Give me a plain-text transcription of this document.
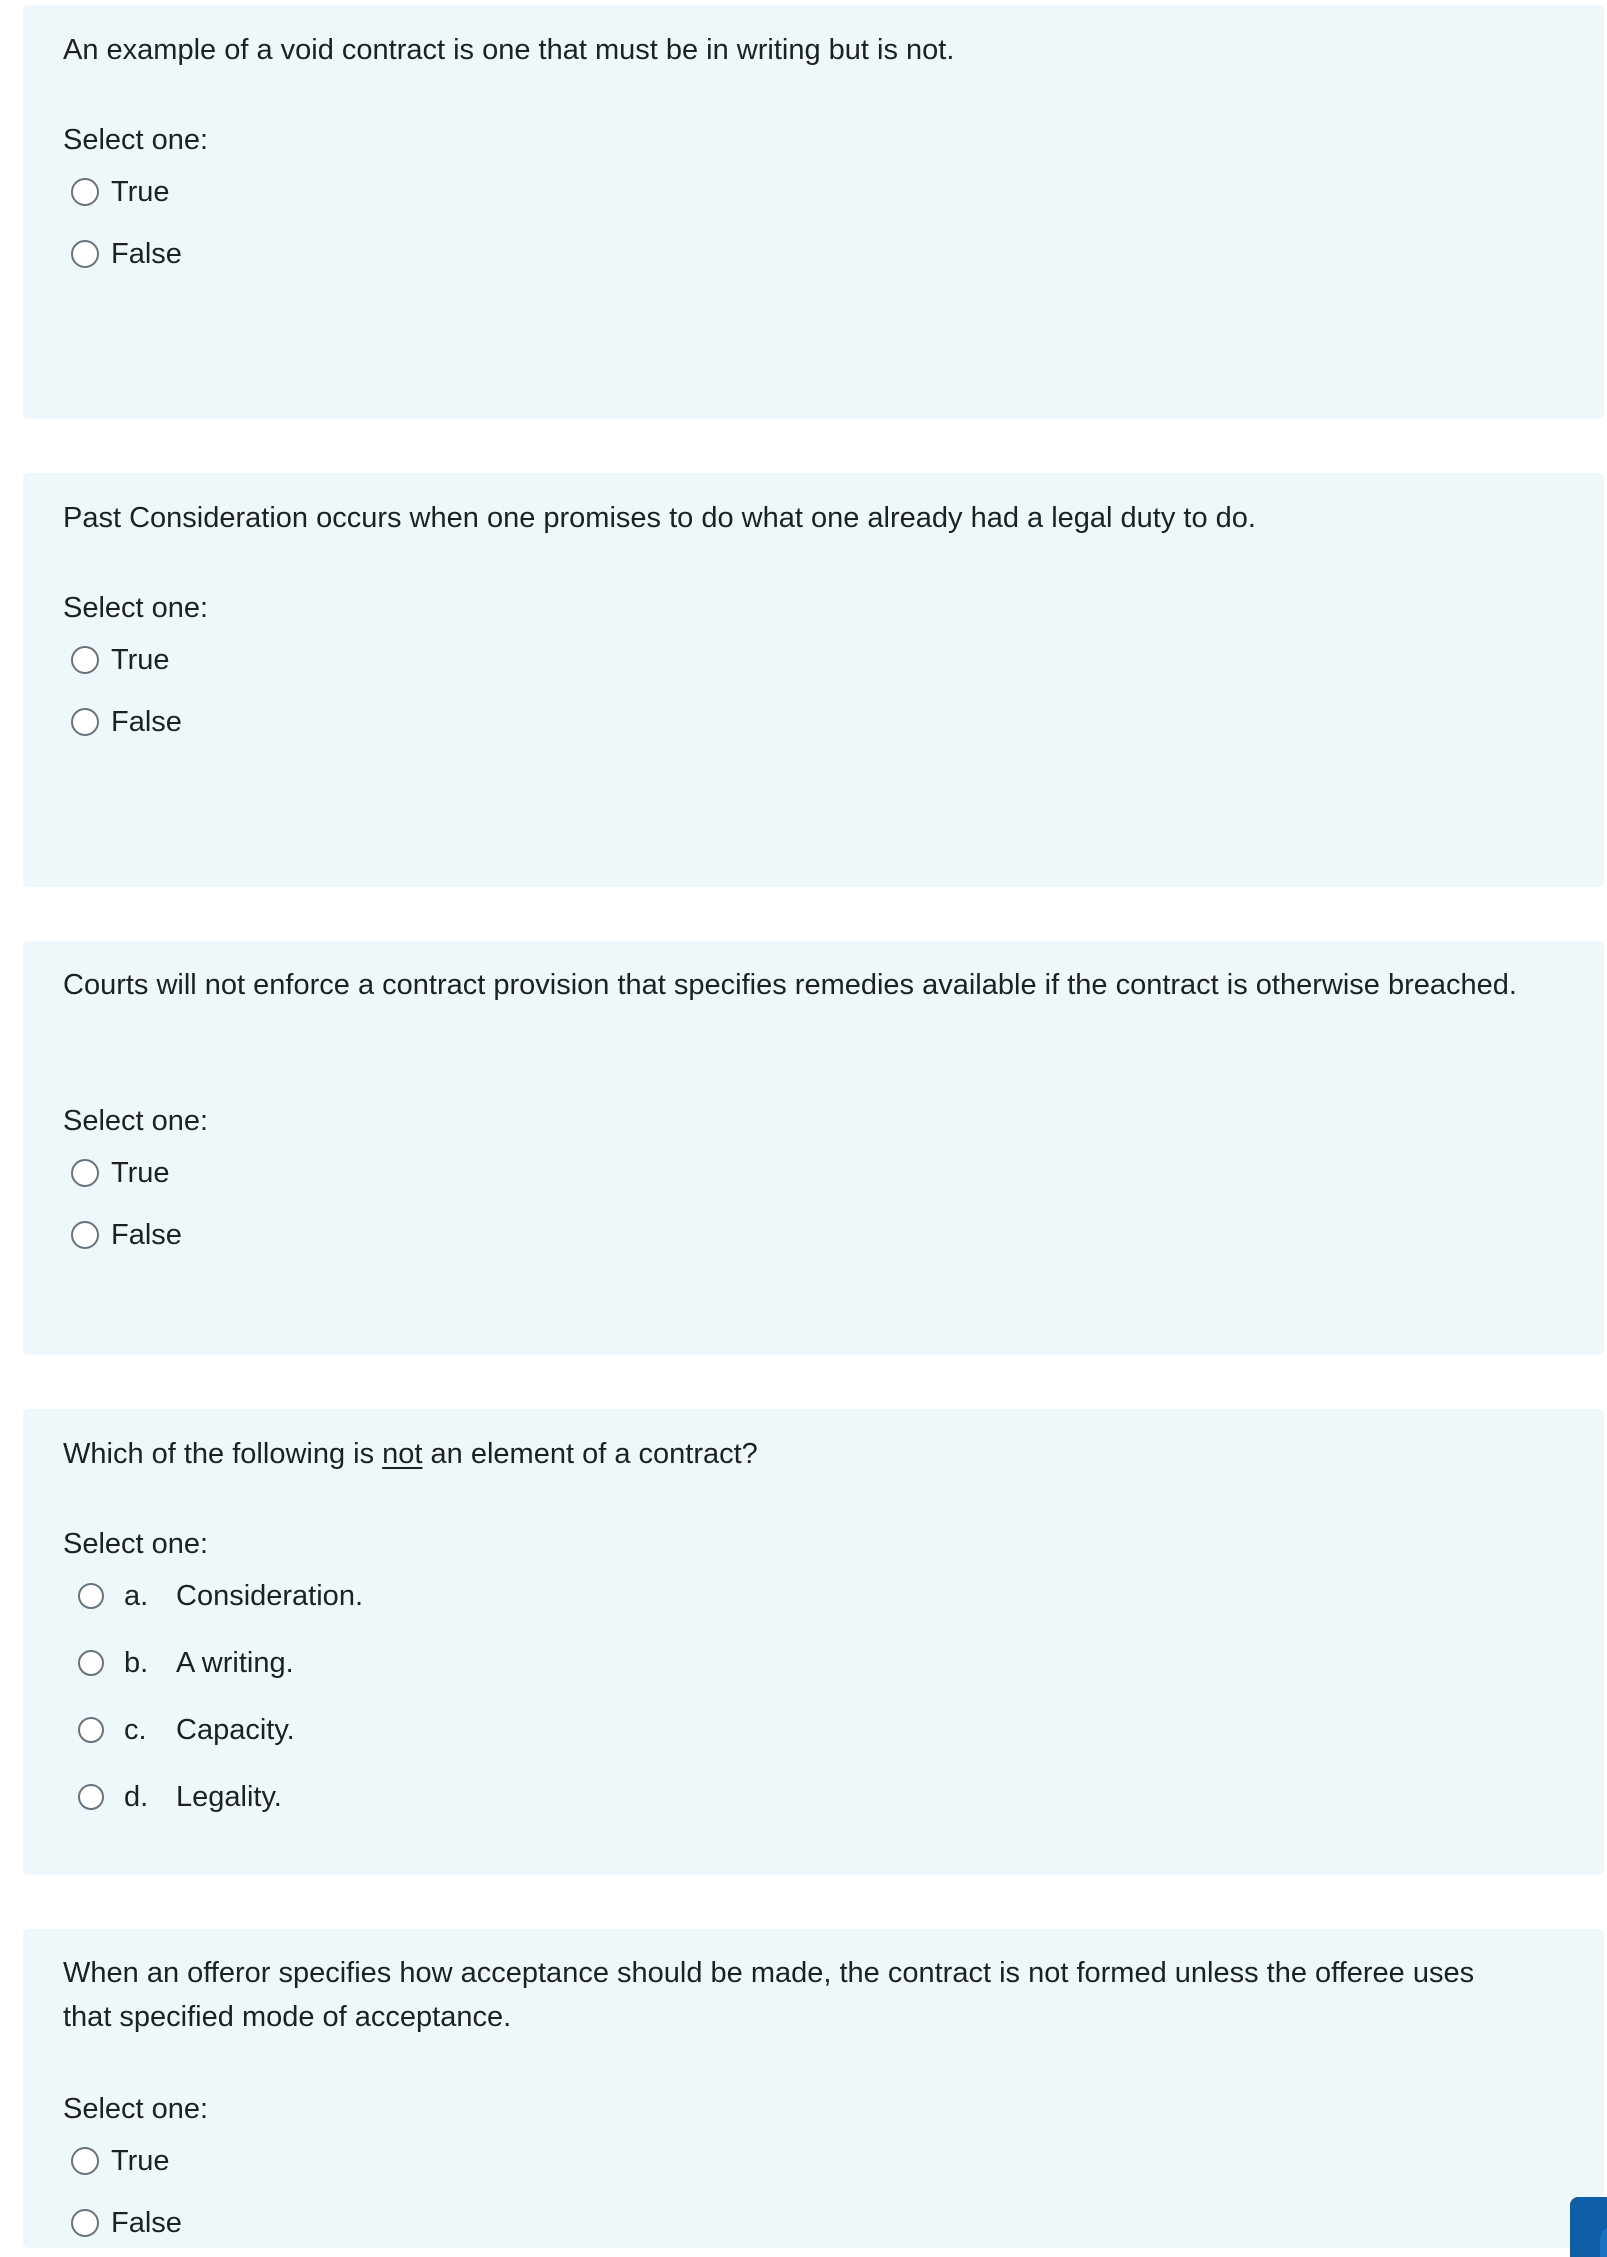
An example of a void contract is one that must be in writing but is not.

Select one:
True
False

Past Consideration occurs when one promises to do what one already had a legal duty to do.

Select one:
True
False

Courts will not enforce a contract provision that specifies remedies available if the contract is otherwise breached.

Select one:
True
False

Which of the following is not an element of a contract?

Select one:
a. Consideration.
b. A writing.
c.	Capacity.
d. Legality.

When an offeror specifies how acceptance should be made, the contract is not formed unless the offeree uses that specified mode of acceptance.

Select one:
True
False
